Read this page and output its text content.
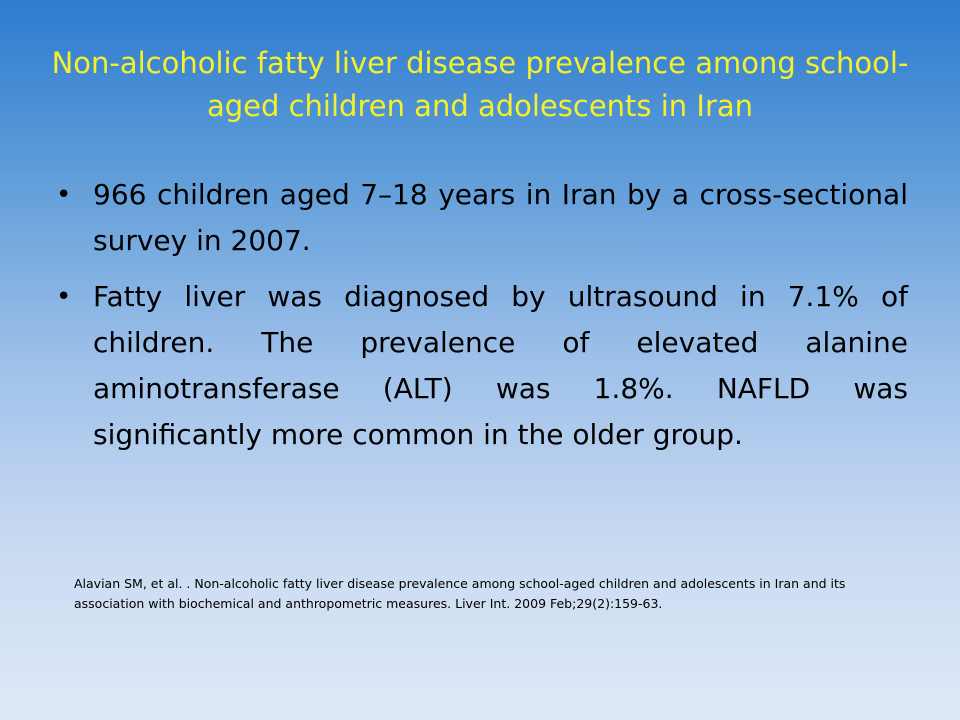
Non-alcoholic fatty liver disease prevalence among school-aged children and adolescents in Iran
• 966 children aged 7–18 years in Iran by a cross-sectional survey in 2007.
• Fatty liver was diagnosed by ultrasound in 7.1% of children. The prevalence of elevated alanine aminotransferase (ALT) was 1.8%. NAFLD was significantly more common in the older group.

Alavian SM, et al. . Non-alcoholic fatty liver disease prevalence among school-aged children and adolescents in Iran and its association with biochemical and anthropometric measures. Liver Int. 2009 Feb;29(2):159-63.
